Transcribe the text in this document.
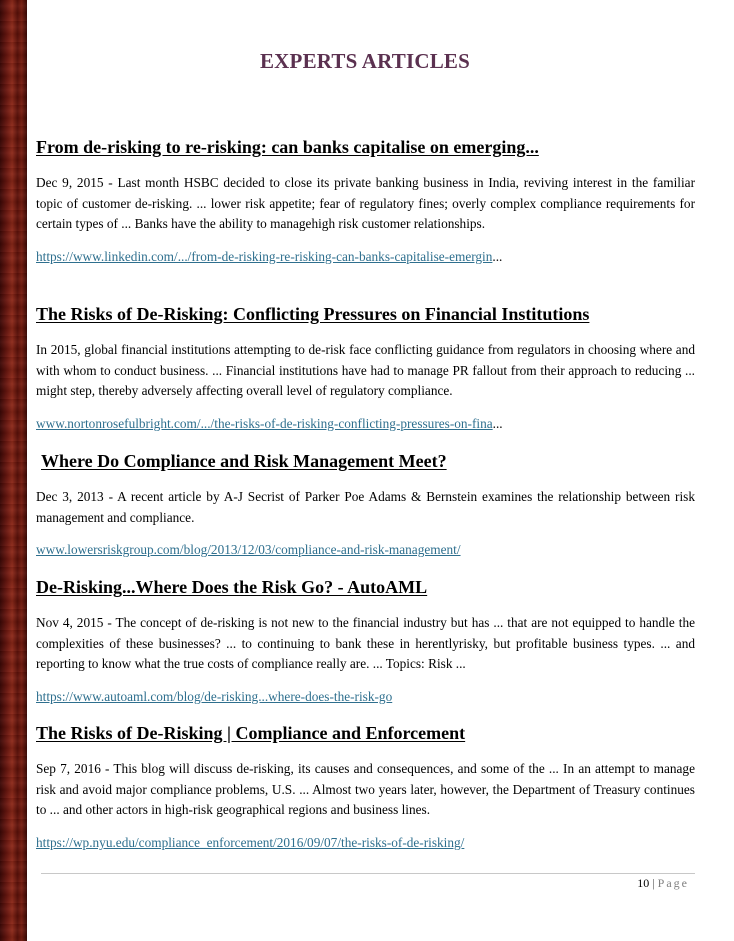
EXPERTS ARTICLES
From de-risking to re-risking: can banks capitalise on emerging...

Dec 9, 2015 - Last month HSBC decided to close its private banking business in India, reviving interest in the familiar topic of customer de-risking. ... lower risk appetite; fear of regulatory fines; overly complex compliance requirements for certain types of ... Banks have the ability to managehigh risk customer relationships.

https://www.linkedin.com/.../from-de-risking-re-risking-can-banks-capitalise-emergin...
The Risks of De-Risking: Conflicting Pressures on Financial Institutions

In 2015, global financial institutions attempting to de-risk face conflicting guidance from regulators in choosing where and with whom to conduct business. ... Financial institutions have had to manage PR fallout from their approach to reducing ... might step, thereby adversely affecting overall level of regulatory compliance.

www.nortonrosefulbright.com/.../the-risks-of-de-risking-conflicting-pressures-on-fina...
Where Do Compliance and Risk Management Meet?

Dec 3, 2013 - A recent article by A-J Secrist of Parker Poe Adams & Bernstein examines the relationship between risk management and compliance.

www.lowersriskgroup.com/blog/2013/12/03/compliance-and-risk-management/
De-Risking...Where Does the Risk Go? - AutoAML

Nov 4, 2015 - The concept of de-risking is not new to the financial industry but has ... that are not equipped to handle the complexities of these businesses? ... to continuing to bank these in herentlyrisky, but profitable business types. ... and reporting to know what the true costs of compliance really are. ... Topics: Risk ...

https://www.autoaml.com/blog/de-risking...where-does-the-risk-go
The Risks of De-Risking | Compliance and Enforcement

Sep 7, 2016 - This blog will discuss de-risking, its causes and consequences, and some of the ... In an attempt to manage risk and avoid major compliance problems, U.S. ... Almost two years later, however, the Department of Treasury continues to ... and other actors in high-risk geographical regions and business lines.

https://wp.nyu.edu/compliance_enforcement/2016/09/07/the-risks-of-de-risking/
10 | Page
